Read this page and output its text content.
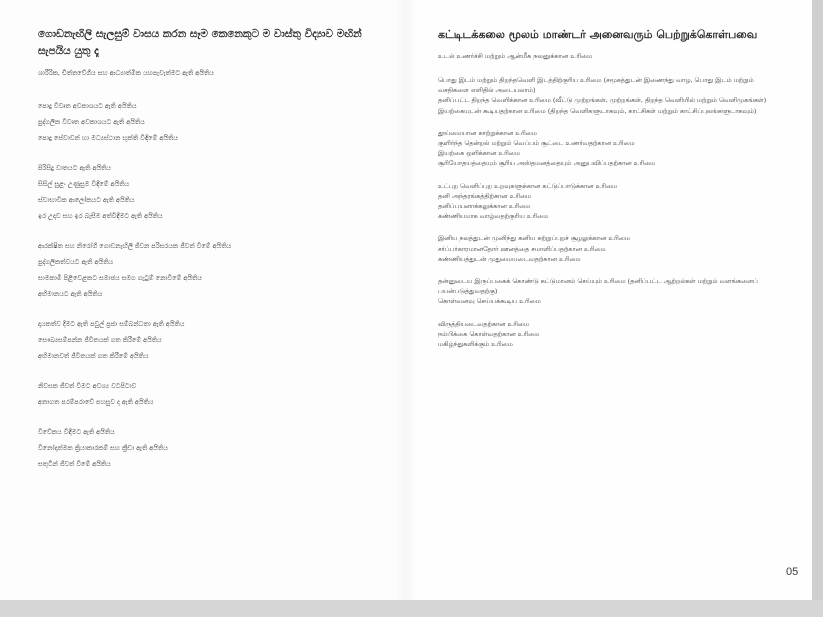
ගොඩනැඟිලි සැලසුම් වාසය කරන සෑම කෙනෙකුට ම වාස්තු විද්‍යාව මඟින් සැපයිය යුතු දෑ
ශාරීරික, චිත්තවේගීය සහ ආධ්‍යාත්මික යහපැවැත්මට ඇති අයිතිය
පොදු විවෘත අවකාශයට ඇති අයිතිය
පුද්ගලික විවෘත අවකාශයට ඇති අයිතිය
පොදු සේවාවන් හා මධ්‍යස්ථාන භුක්ති විඳීමේ අයිතිය
පිරිසිදු වාතයට ඇති අයිතිය
සිසිල් සුළං උණුසුම විඳීමේ අයිතිය
ස්වාභාවික ආලෝකයට ඇති අයිතිය
ඉර උදාව සහ ඉර බැසීම අත්විඳීමට ඇති අයිතිය
ආරක්ෂිත සහ නිරෝගී ගොඩනැඟිලි ජීවන පරිසරයක ජීවත් වීමේ අයිතිය
පුද්ගලිකත්වයට ඇති අයිතිය
සාමකාමී පිළිවෙළකට සමාජය සමග ගැටුම් නොවීමේ අයිතිය
අභිමානයට ඇති අයිතිය
දායකත්ව දීමට ඇති පවුල් ප්‍රජා සම්බන්ධතා ඇති අයිතිය
සෞඛ්‍යසම්පන්න ජීවිතයක් ගත කිරීමේ අයිතිය
අභිමානවත් ජීවිතයක් ගත කිරීමේ අයිතිය
නිවසක ජීවත් වීමට අවශ්‍ය වටපිටාව
අනාගත පරම්පරාවේ පහසුව ද ඇති අයිතිය
විවේකය විඳීමට ඇති අයිතිය
විනෝදාත්මක ක්‍රියාකාරකම් සහ ක්‍රීඩා ඇති අයිතිය
සතුටින් ජීවත් වීමේ අයිතිය
கட்டிடக்கலை மூலம் மாண்டர் அனைவரும் பெற்றுக்கொள்பவை
உடல் உணர்ச்சி மற்றும் ஆன்மீக நலனுக்கான உரிமை
பொது இடம் மற்றும் திறந்தவெளி இடத்திற்குரிய உரிமை (சமூகத்துடன் இணைந்து வாழ, பொது இடம் மற்றும் வசதிகளை எளிதில் அடையலாம்)
தனிப்பட்ட திறந்த வெளிக்கான உரிமை (வீட்டு முற்றங்கள், முற்றங்கள், திறந்த வெளியில் மற்றும் வெளிமுகங்கள்)
இயற்கையுடன் கூடியதற்கான உரிமை (திறந்த வெளிகளுடாகவும், காட்சிகள் மற்றும் காட்சிப்புலங்களுடாகவும்)
தூய்மையான காற்றுக்கான உரிமை
குளிர்ந்த தென்றல் மற்றும் வெப்பம் சூட்டை உணர்வதற்கான உரிமை
இயற்கை ஒளிக்கான உரிமை
சூரியோதயத்தையும் சூரிய அஸ்தமனத்தையும் அனுபவிப்பதற்கான உரிமை
உட்புற வெளிப்புற உறவுகளுக்கான கட்டுப்பாடுக்கான உரிமை
தனி அந்தரங்கத்திற்கான உரிமை
தனிப்பயனாக்கலுக்கான உரிமை
கண்ணியமாக வாழ்வதற்குரிய உரிமை
இனிய நலத்துடன் முனிந்து கனிய சுற்றுப்புறச் சூழலுக்கான உரிமை
சர்ப்பர்காரமானதோர் ஊனத்தை சமாளிப்பதற்கான உரிமை
கண்ணியத்துடன் முதுமையடைவதற்கான உரிமை
தன்னுடைய இருப்பகைக் கொண்டு கட்டுமானம் செய்யும் உரிமை (தனிப்பட்ட ஆற்றல்கள் மற்றும் வளங்களைப் பயன்படுத்துவதற்கு)
கொள்வனவு செய்யக்கூடிய உரிமை
விருத்தியடைவதற்கான உரிமை
நம்பிக்கை கொள்வதற்கான உரிமை
மகிழ்ந்துகளிக்கும் உரிமை
05
